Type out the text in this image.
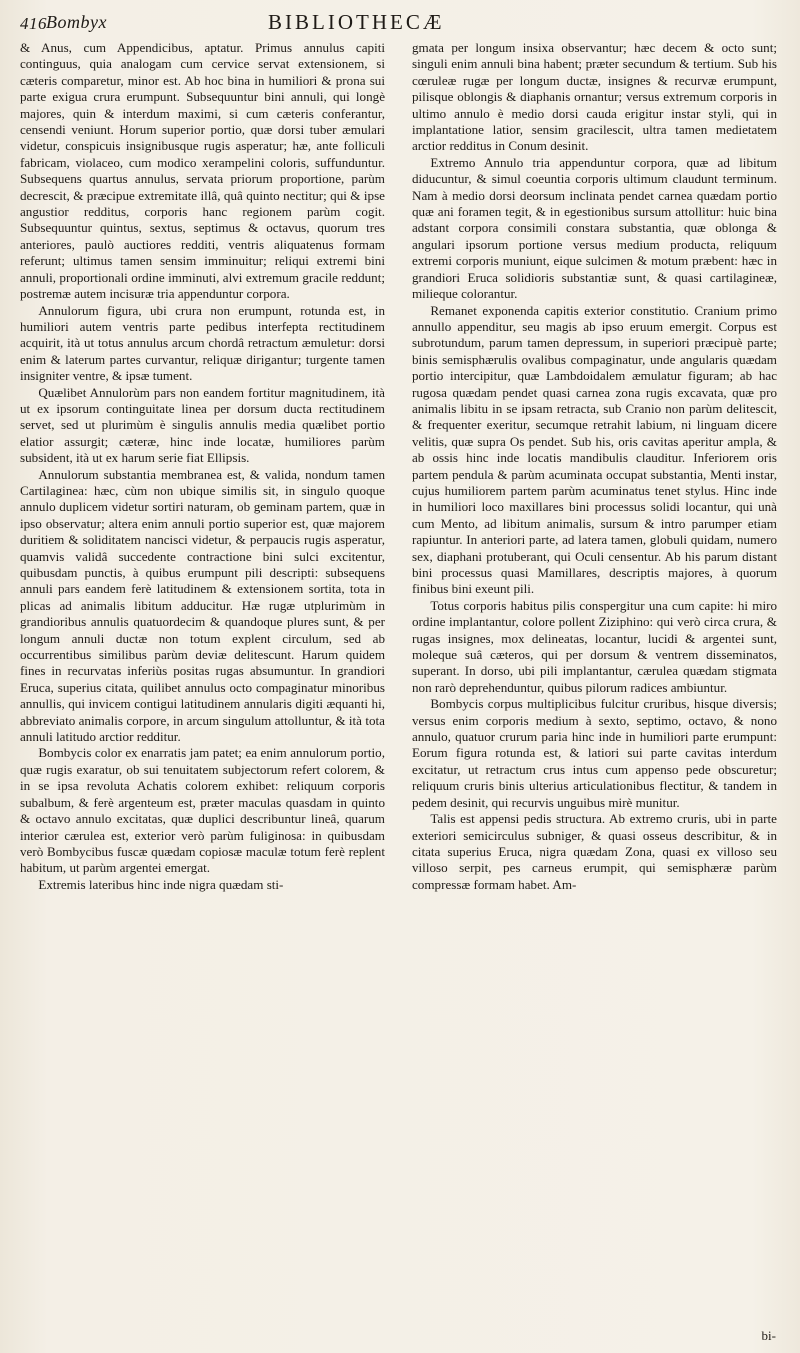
416 Bombyx	BIBLIOTHECÆ

& Anus, cum Appendicibus, aptatur. Primus annulus capiti continguus, quia analogam cum cervice servat extensionem, si cæteris comparetur, minor est. Ab hoc bina in humiliori & prona sui parte exigua crura erumpunt. Subsequuntur bini annuli, qui longè majores, quin & interdum maximi, si cum cæteris conferantur, censendi veniunt. Horum superior portio, quæ dorsi tuber æmulari videtur, conspicuis insignibusque rugis asperatur; hæ, ante folliculi fabricam, violaceo, cum modico xerampelini coloris, suffunduntur. Subsequens quartus annulus, servata priorum proportione, parùm decrescit, & præcipue extremitate illâ, quâ quinto nectitur; qui & ipse angustior redditus, corporis hanc regionem parùm cogit. Subsequuntur quintus, sextus, septimus & octavus, quorum tres anteriores, paulò auctiores redditi, ventris aliquatenus formam referunt; ultimus tamen sensim imminuitur; reliqui extremi bini annuli, proportionali ordine imminuti, alvi extremum gracile reddunt; postremæ autem incisuræ tria appenduntur corpora.

Annulorum figura, ubi crura non erumpunt, rotunda est, in humiliori autem ventris parte pedibus interfepta rectitudinem acquirit, ità ut totus annulus arcum chordâ retractum æmuletur: dorsi enim & laterum partes curvantur, reliquæ dirigantur; turgente tamen insigniter ventre, & ipsæ tument.

Quælibet Annulorùm pars non eandem fortitur magnitudinem, ità ut ex ipsorum continguitate linea per dorsum ducta rectitudinem servet, sed ut plurimùm è singulis annulis media quælibet portio elatior assurgit; cæteræ, hinc inde locatæ, humiliores parùm subsident, ità ut ex harum serie fiat Ellipsis.

Annulorum substantia membranea est, & valida, nondum tamen Cartilaginea: hæc, cùm non ubique similis sit, in singulo quoque annulo duplicem videtur sortiri naturam, ob geminam partem, quæ in ipso observatur; altera enim annuli portio superior est, quæ majorem duritiem & soliditatem nancisci videtur, & perpaucis rugis asperatur, quamvis validâ succedente contractione bini sulci excitentur, quibusdam punctis, à quibus erumpunt pili descripti: subsequens annuli pars eandem ferè latitudinem & extensionem sortita, tota in plicas ad animalis libitum adducitur. Hæ rugæ utplurimùm in grandioribus annulis quatuordecim & quandoque plures sunt, & per longum annuli ductæ non totum explent circulum, sed ab occurrentibus similibus parùm deviæ delitescunt. Harum quidem fines in recurvatas inferiùs positas rugas absumuntur. In grandiori Eruca, superius citata, quilibet annulus octo compaginatur minoribus annullis, qui invicem contigui latitudinem annularis digiti æquanti hi, abbreviato animalis corpore, in arcum singulum attolluntur, & ità tota annuli latitudo arctior redditur.

Bombycis color ex enarratis jam patet; ea enim annulorum portio, quæ rugis exaratur, ob sui tenuitatem subjectorum refert colorem, & in se ipsa revoluta Achatis colorem exhibet: reliquum corporis subalbum, & ferè argenteum est, præter maculas quasdam in quinto & octavo annulo excitatas, quæ duplici describuntur lineâ, quarum interior cærulea est, exterior verò parùm fuliginosa: in quibusdam verò Bombycibus fuscæ quædam copiosæ maculæ totum ferè replent habitum, ut parùm argentei emergat.

Extremis lateribus hinc inde nigra quædam sti-

gmata per longum insixa observantur; hæc decem & octo sunt; singuli enim annuli bina habent; præter secundum & tertium. Sub his cœruleæ rugæ per longum ductæ, insignes & recurvæ erumpunt, pilisque oblongis & diaphanis ornantur; versus extremum corporis in ultimo annulo è medio dorsi cauda erigitur instar styli, qui in implantatione latior, sensim gracilescit, ultra tamen medietatem arctior redditus in Conum desinit.

Extremo Annulo tria appenduntur corpora, quæ ad libitum diducuntur, & simul coeuntia corporis ultimum claudunt terminum. Nam à medio dorsi deorsum inclinata pendet carnea quædam portio quæ ani foramen tegit, & in egestionibus sursum attollitur: huic bina adstant corpora consimili constara substantia, quæ oblonga & angulari ipsorum portione versus medium producta, reliquum extremi corporis muniunt, eique sulcimen & motum præbent: hæc in grandiori Eruca solidioris substantiæ sunt, & quasi cartilagineæ, milieque colorantur.

Remanet exponenda capitis exterior constitutio. Cranium primo annullo appenditur, seu magis ab ipso eruum emergit. Corpus est subrotundum, parum tamen depressum, in superiori præcipuè parte; binis semisphærulis ovalibus compaginatur, unde angularis quædam portio intercipitur, quæ Lambdoidalem æmulatur figuram; ab hac rugosa quædam pendet quasi carnea zona rugis excavata, quæ pro animalis libitu in se ipsam retracta, sub Cranio non parùm delitescit, & frequenter exeritur, secumque retrahit labium, ni linguam dicere velitis, quæ supra Os pendet. Sub his, oris cavitas aperitur ampla, & ab ossis hinc inde locatis mandibulis clauditur. Inferiorem oris partem pendula & parùm acuminata occupat substantia, Menti instar, cujus humiliorem partem parùm acuminatus tenet stylus. Hinc inde in humiliori loco maxillares bini processus solidi locantur, qui unà cum Mento, ad libitum animalis, sursum & intro parumper etiam rapiuntur. In anteriori parte, ad latera tamen, globuli quidam, numero sex, diaphani protuberant, qui Oculi censentur. Ab his parum distant bini processus quasi Mamillares, descriptis majores, à quorum finibus bini exeunt pili.

Totus corporis habitus pilis conspergitur una cum capite: hi miro ordine implantantur, colore pollent Ziziphino: qui verò circa crura, & rugas insignes, mox delineatas, locantur, lucidi & argentei sunt, moleque suâ cæteros, qui per dorsum & ventrem disseminatos, superant. In dorso, ubi pili implantantur, cærulea quædam stigmata non rarò deprehenduntur, quibus pilorum radices ambiuntur.

Bombycis corpus multiplicibus fulcitur cruribus, hisque diversis; versus enim corporis medium à sexto, septimo, octavo, & nono annulo, quatuor crurum paria hinc inde in humiliori parte erumpunt: Eorum figura rotunda est, & latiori sui parte cavitas interdum excitatur, ut retractum crus intus cum appenso pede obscuretur; reliquum cruris binis ulterius articulationibus flectitur, & tandem in pedem desinit, qui recurvis unguibus mirè munitur.

Talis est appensi pedis structura. Ab extremo cruris, ubi in parte exteriori semicirculus subniger, & quasi osseus describitur, & in citata superius Eruca, nigra quædam Zona, quasi ex villoso seu villoso serpit, pes carneus erumpit, qui semisphæræ parùm compressæ formam habet. Am-

bi-
